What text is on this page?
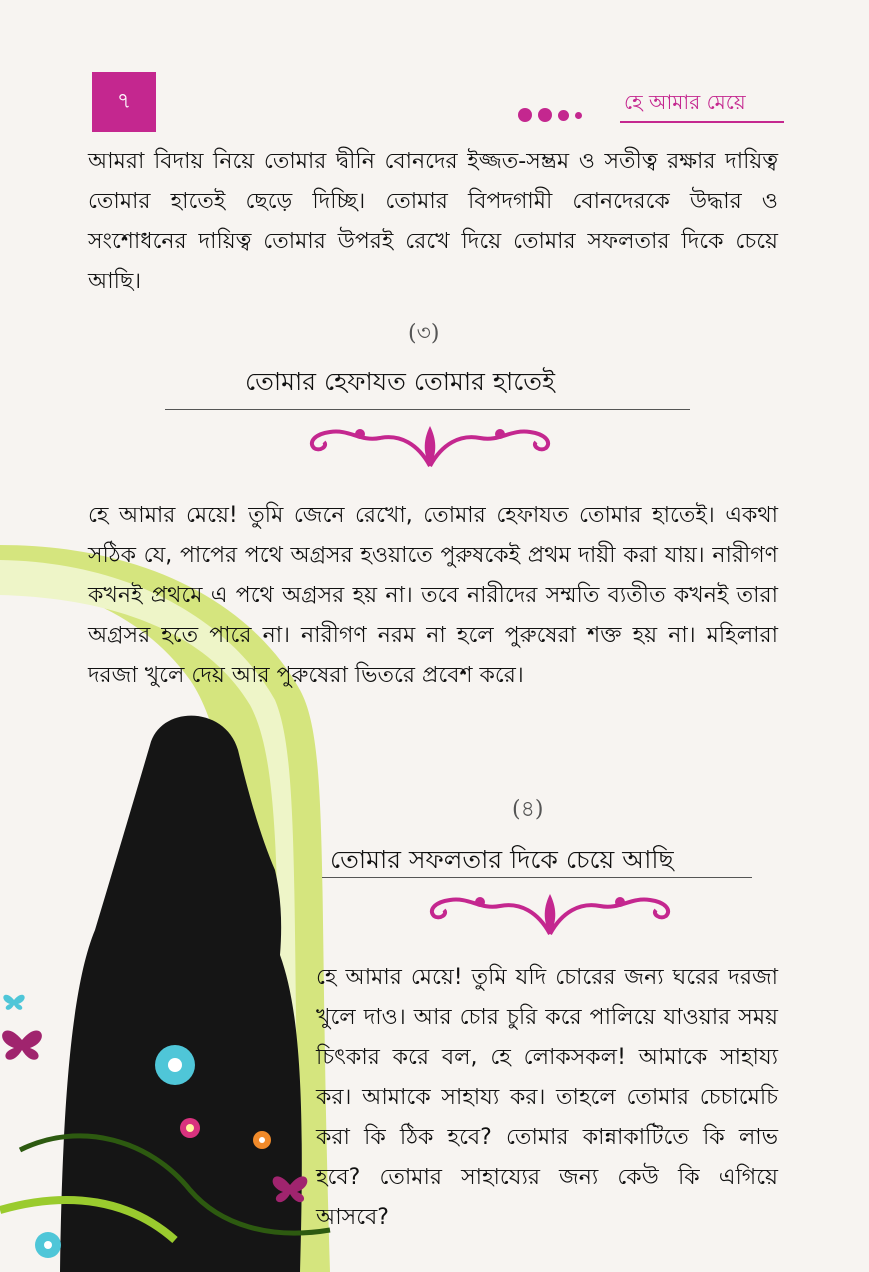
৭	হে আমার মেয়ে

আমরা বিদায় নিয়ে তোমার দ্বীনি বোনদের ইজ্জত-সম্ভ্রম ও সতীত্ব রক্ষার দায়িত্ব তোমার হাতেই ছেড়ে দিচ্ছি। তোমার বিপদগামী বোনদেরকে উদ্ধার ও সংশোধনের দায়িত্ব তোমার উপরই রেখে দিয়ে তোমার সফলতার দিকে চেয়ে আছি।

(৩)
তোমার হেফাযত তোমার হাতেই

হে আমার মেয়ে! তুমি জেনে রেখো, তোমার হেফাযত তোমার হাতেই। একথা সঠিক যে, পাপের পথে অগ্রসর হওয়াতে পুরুষকেই প্রথম দায়ী করা যায়। নারীগণ কখনই প্রথমে এ পথে অগ্রসর হয় না। তবে নারীদের সম্মতি ব্যতীত কখনই তারা অগ্রসর হতে পারে না। নারীগণ নরম না হলে পুরুষেরা শক্ত হয় না। মহিলারা দরজা খুলে দেয় আর পুরুষেরা ভিতরে প্রবেশ করে।

(৪)
তোমার সফলতার দিকে চেয়ে আছি

হে আমার মেয়ে! তুমি যদি চোরের জন্য ঘরের দরজা খুলে দাও। আর চোর চুরি করে পালিয়ে যাওয়ার সময় চিৎকার করে বল, হে লোকসকল! আমাকে সাহায্য কর। আমাকে সাহায্য কর। তাহলে তোমার চেচামেচি করা কি ঠিক হবে? তোমার কান্নাকাটিতে কি লাভ হবে? তোমার সাহায্যের জন্য কেউ কি এগিয়ে আসবে?
